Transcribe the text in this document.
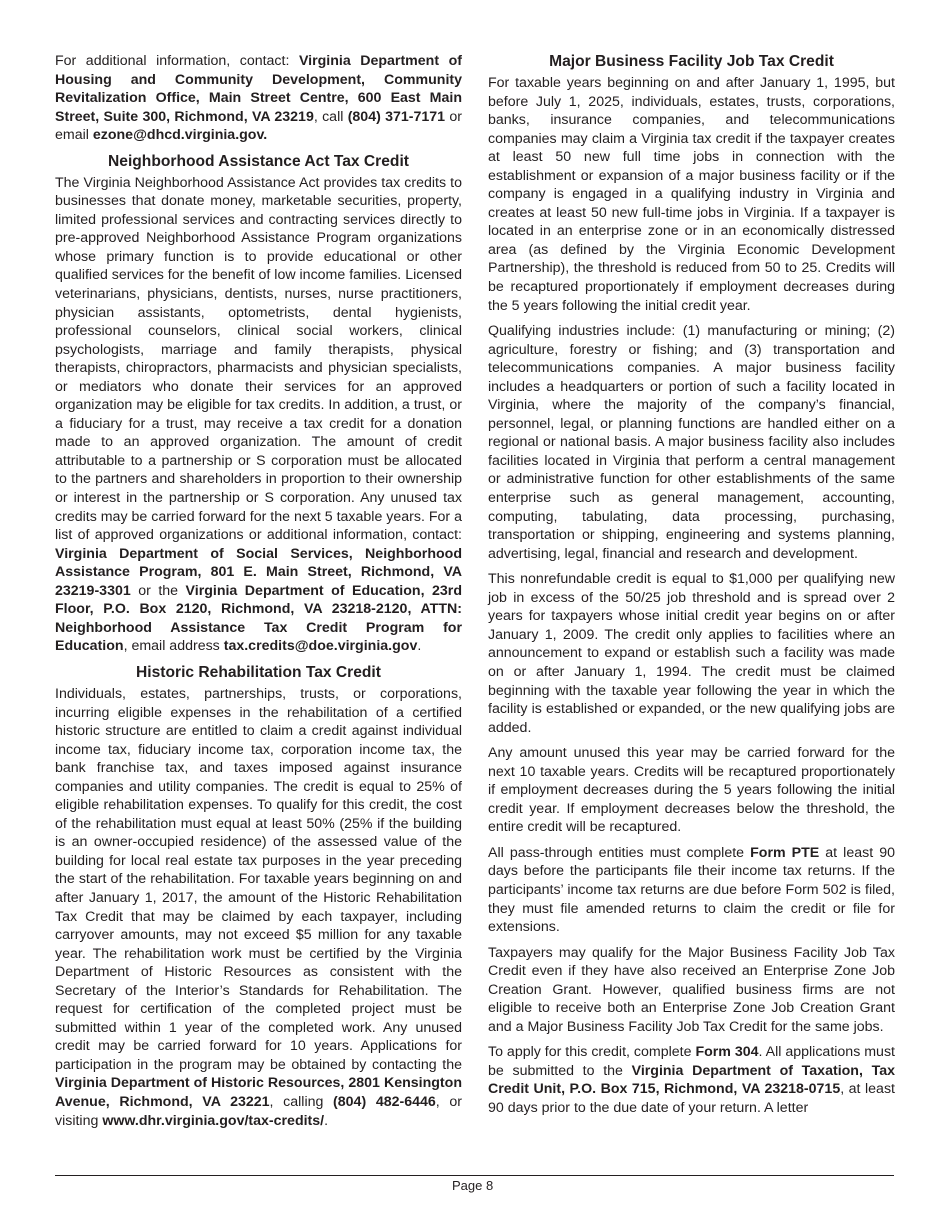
For additional information, contact: Virginia Department of Housing and Community Development, Community Revitalization Office, Main Street Centre, 600 East Main Street, Suite 300, Richmond, VA 23219, call (804) 371-7171 or email ezone@dhcd.virginia.gov.

Neighborhood Assistance Act Tax Credit

The Virginia Neighborhood Assistance Act provides tax credits to businesses that donate money, marketable securities, property, limited professional services and contracting services directly to pre-approved Neighborhood Assistance Program organizations whose primary function is to provide educational or other qualified services for the benefit of low income families. Licensed veterinarians, physicians, dentists, nurses, nurse practitioners, physician assistants, optometrists, dental hygienists, professional counselors, clinical social workers, clinical psychologists, marriage and family therapists, physical therapists, chiropractors, pharmacists and physician specialists, or mediators who donate their services for an approved organization may be eligible for tax credits. In addition, a trust, or a fiduciary for a trust, may receive a tax credit for a donation made to an approved organization. The amount of credit attributable to a partnership or S corporation must be allocated to the partners and shareholders in proportion to their ownership or interest in the partnership or S corporation. Any unused tax credits may be carried forward for the next 5 taxable years. For a list of approved organizations or additional information, contact: Virginia Department of Social Services, Neighborhood Assistance Program, 801 E. Main Street, Richmond, VA 23219-3301 or the Virginia Department of Education, 23rd Floor, P.O. Box 2120, Richmond, VA 23218-2120, ATTN: Neighborhood Assistance Tax Credit Program for Education, email address tax.credits@doe.virginia.gov.

Historic Rehabilitation Tax Credit

Individuals, estates, partnerships, trusts, or corporations, incurring eligible expenses in the rehabilitation of a certified historic structure are entitled to claim a credit against individual income tax, fiduciary income tax, corporation income tax, the bank franchise tax, and taxes imposed against insurance companies and utility companies. The credit is equal to 25% of eligible rehabilitation expenses. To qualify for this credit, the cost of the rehabilitation must equal at least 50% (25% if the building is an owner-occupied residence) of the assessed value of the building for local real estate tax purposes in the year preceding the start of the rehabilitation. For taxable years beginning on and after January 1, 2017, the amount of the Historic Rehabilitation Tax Credit that may be claimed by each taxpayer, including carryover amounts, may not exceed $5 million for any taxable year. The rehabilitation work must be certified by the Virginia Department of Historic Resources as consistent with the Secretary of the Interior’s Standards for Rehabilitation. The request for certification of the completed project must be submitted within 1 year of the completed work. Any unused credit may be carried forward for 10 years. Applications for participation in the program may be obtained by contacting the Virginia Department of Historic Resources, 2801 Kensington Avenue, Richmond, VA 23221, calling (804) 482-6446, or visiting www.dhr.virginia.gov/tax-credits/.

Major Business Facility Job Tax Credit

For taxable years beginning on and after January 1, 1995, but before July 1, 2025, individuals, estates, trusts, corporations, banks, insurance companies, and telecommunications companies may claim a Virginia tax credit if the taxpayer creates at least 50 new full time jobs in connection with the establishment or expansion of a major business facility or if the company is engaged in a qualifying industry in Virginia and creates at least 50 new full-time jobs in Virginia. If a taxpayer is located in an enterprise zone or in an economically distressed area (as defined by the Virginia Economic Development Partnership), the threshold is reduced from 50 to 25. Credits will be recaptured proportionately if employment decreases during the 5 years following the initial credit year.

Qualifying industries include: (1) manufacturing or mining; (2) agriculture, forestry or fishing; and (3) transportation and telecommunications companies. A major business facility includes a headquarters or portion of such a facility located in Virginia, where the majority of the company’s financial, personnel, legal, or planning functions are handled either on a regional or national basis. A major business facility also includes facilities located in Virginia that perform a central management or administrative function for other establishments of the same enterprise such as general management, accounting, computing, tabulating, data processing, purchasing, transportation or shipping, engineering and systems planning, advertising, legal, financial and research and development.

This nonrefundable credit is equal to $1,000 per qualifying new job in excess of the 50/25 job threshold and is spread over 2 years for taxpayers whose initial credit year begins on or after January 1, 2009. The credit only applies to facilities where an announcement to expand or establish such a facility was made on or after January 1, 1994. The credit must be claimed beginning with the taxable year following the year in which the facility is established or expanded, or the new qualifying jobs are added.

Any amount unused this year may be carried forward for the next 10 taxable years. Credits will be recaptured proportionately if employment decreases during the 5 years following the initial credit year. If employment decreases below the threshold, the entire credit will be recaptured.

All pass-through entities must complete Form PTE at least 90 days before the participants file their income tax returns. If the participants’ income tax returns are due before Form 502 is filed, they must file amended returns to claim the credit or file for extensions.

Taxpayers may qualify for the Major Business Facility Job Tax Credit even if they have also received an Enterprise Zone Job Creation Grant. However, qualified business firms are not eligible to receive both an Enterprise Zone Job Creation Grant and a Major Business Facility Job Tax Credit for the same jobs.

To apply for this credit, complete Form 304. All applications must be submitted to the Virginia Department of Taxation, Tax Credit Unit, P.O. Box 715, Richmond, VA 23218-0715, at least 90 days prior to the due date of your return. A letter

Page 8
